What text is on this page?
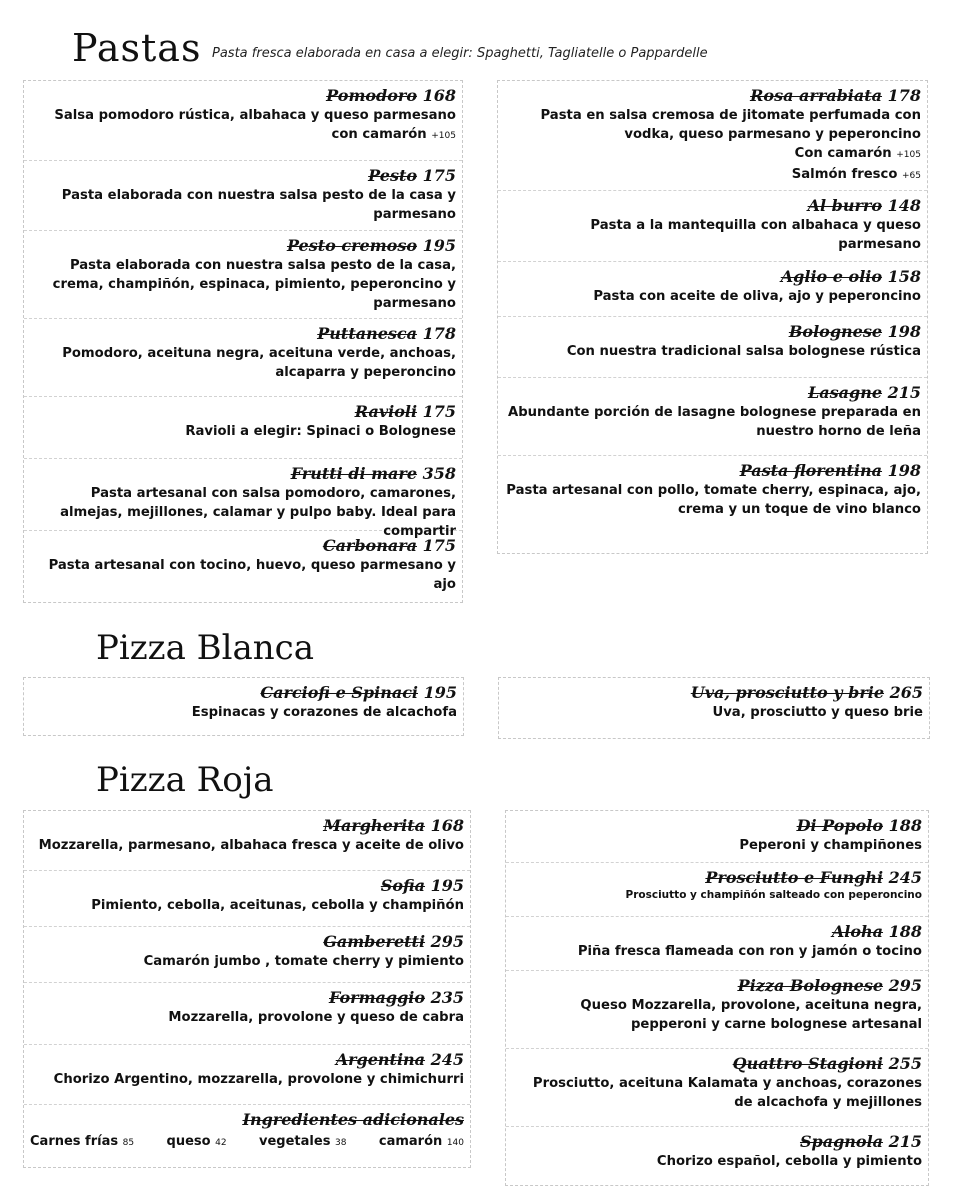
Pastas Pasta fresca elaborada en casa a elegir: Spaghetti, Tagliatelle o Pappardelle
Pomodoro 168
Salsa pomodoro rústica, albahaca y queso parmesano
con camarón +105
Pesto 175
Pasta elaborada con nuestra salsa pesto de la casa y parmesano
Pesto cremoso 195
Pasta elaborada con nuestra salsa pesto de la casa, crema, champiñón, espinaca, pimiento, peperoncino y parmesano
Puttanesca 178
Pomodoro, aceituna negra, aceituna verde, anchoas, alcaparra y peperoncino
Ravioli 175
Ravioli a elegir: Spinaci o Bolognese
Frutti di mare 358
Pasta artesanal con salsa pomodoro, camarones, almejas, mejillones, calamar y pulpo baby. Ideal para compartir
Carbonara 175
Pasta artesanal con tocino, huevo, queso parmesano y ajo
Rosa arrabiata 178
Pasta en salsa cremosa de jitomate perfumada con vodka, queso parmesano y peperoncino
Con camarón +105
Salmón fresco +65
Al burro 148
Pasta a la mantequilla con albahaca y queso parmesano
Aglio e olio 158
Pasta con aceite de oliva, ajo y peperoncino
Bolognese 198
Con nuestra tradicional salsa bolognese rústica
Lasagne 215
Abundante porción de lasagne bolognese preparada en nuestro horno de leña
Pasta florentina 198
Pasta artesanal con pollo, tomate cherry, espinaca, ajo, crema y un toque de vino blanco
Pizza Blanca
Carciofi e Spinaci 195
Espinacas y corazones de alcachofa
Uva, prosciutto y brie 265
Uva, prosciutto y queso brie
Pizza Roja
Margherita 168
Mozzarella, parmesano, albahaca fresca y aceite de olivo
Sofia 195
Pimiento, cebolla, aceitunas, cebolla y champiñón
Gamberetti 295
Camarón jumbo , tomate cherry y pimiento
Formaggio 235
Mozzarella, provolone y queso de cabra
Argentina 245
Chorizo Argentino, mozzarella, provolone y chimichurri
Ingredientes adicionales
Carnes frías 85 queso 42 vegetales 38 camarón 140
Di Popolo 188
Peperoni y champiñones
Prosciutto e Funghi 245
Prosciutto y champiñón salteado con peperoncino
Aloha 188
Piña fresca flameada con ron y jamón o tocino
Pizza Bolognese 295
Queso Mozzarella, provolone, aceituna negra, pepperoni y carne bolognese artesanal
Quattro Stagioni 255
Prosciutto, aceituna Kalamata y anchoas, corazones de alcachofa y mejillones
Spagnola 215
Chorizo español, cebolla y pimiento
